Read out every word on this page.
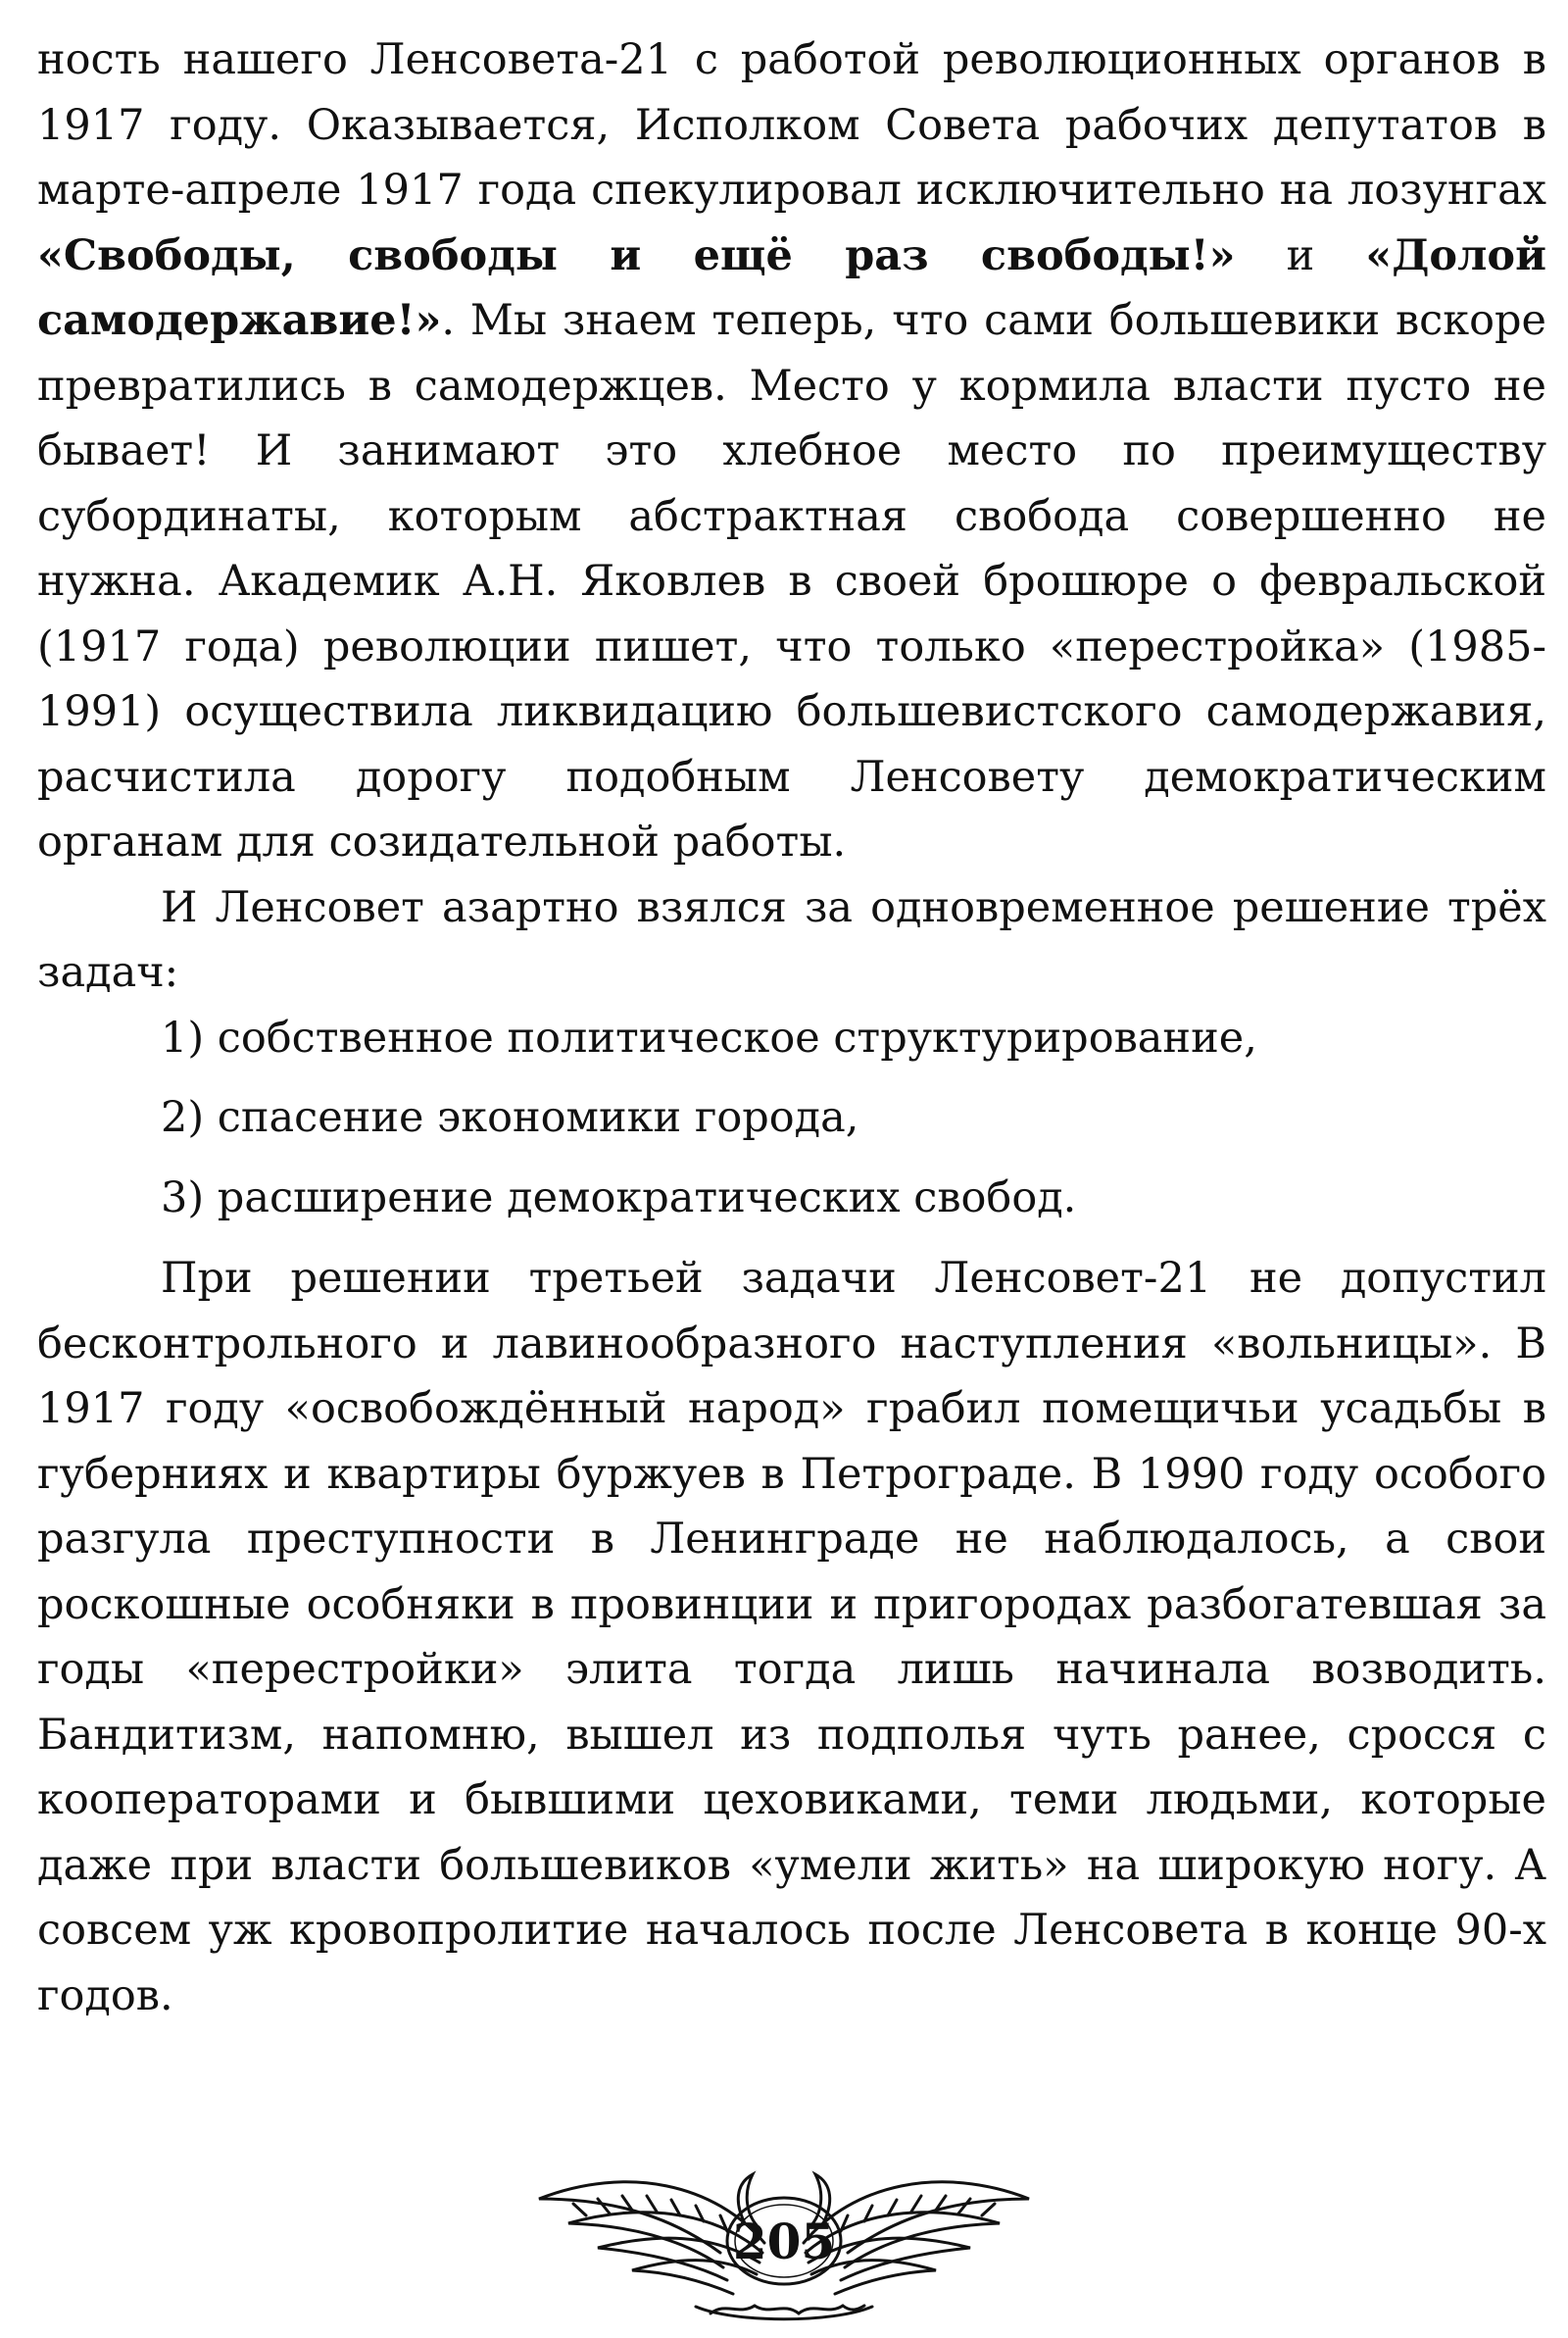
ность нашего Ленсовета-21 с работой революционных органов в 1917 году. Оказывается, Исполком Совета рабочих депутатов в марте-апреле 1917 года спекулировал исключительно на лозунгах «Свободы, свободы и ещё раз свободы!» и «Долой самодержавие!». Мы знаем теперь, что сами большевики вскоре превратились в самодержцев. Место у кормила власти пусто не бывает! И занимают это хлебное место по преимуществу субординаты, которым абстрактная свобода совершенно не нужна. Академик А.Н. Яковлев в своей брошюре о февральской (1917 года) революции пишет, что только «перестройка» (1985-1991) осуществила ликвидацию большевистского самодержавия, расчистила дорогу подобным Ленсовету демократическим органам для созидательной работы.

И Ленсовет азартно взялся за одновременное решение трёх задач:

1) собственное политическое структурирование,
2) спасение экономики города,
3) расширение демократических свобод.

При решении третьей задачи Ленсовет-21 не допустил бесконтрольного и лавинообразного наступления «вольницы». В 1917 году «освобождённый народ» грабил помещичьи усадьбы в губерниях и квартиры буржуев в Петрограде. В 1990 году особого разгула преступности в Ленинграде не наблюдалось, а свои роскошные особняки в провинции и пригородах разбогатевшая за годы «перестройки» элита тогда лишь начинала возводить. Бандитизм, напомню, вышел из подполья чуть ранее, сросся с кооператорами и бывшими цеховиками, теми людьми, которые даже при власти большевиков «умели жить» на широкую ногу. А совсем уж кровопролитие началось после Ленсовета в конце 90-х годов.

205
